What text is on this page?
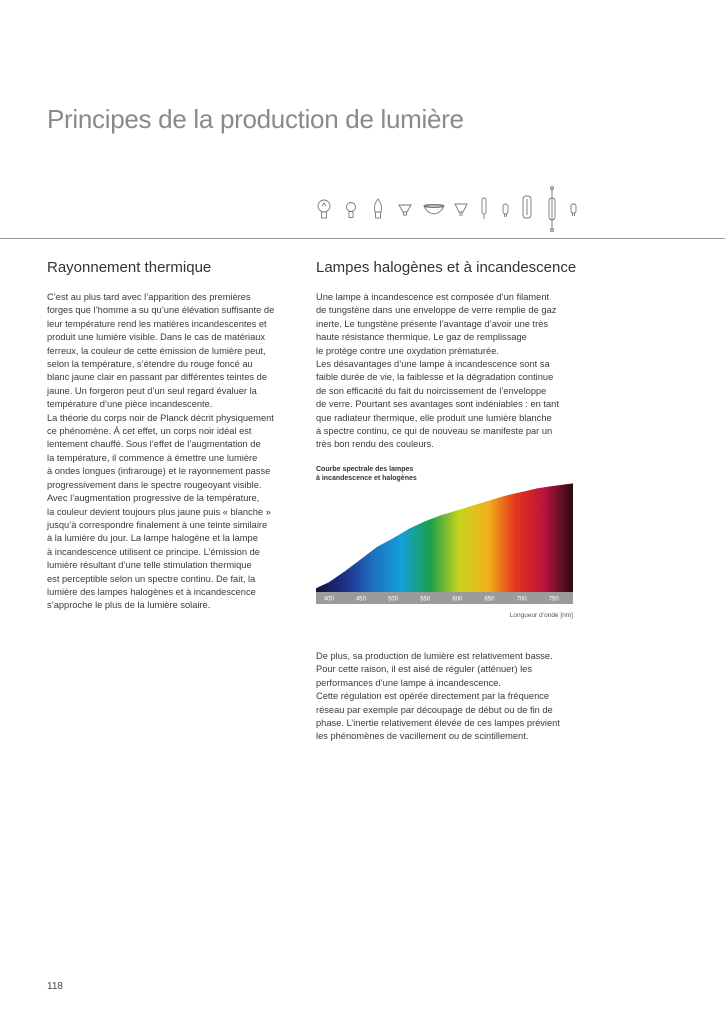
Principes de la production de lumière
Rayonnement thermique	Lampes halogènes et à incandescence

C’est au plus tard avec l’apparition des premières
forges que l’homme a su qu’une élévation suffisante de
leur température rend les matières incandescentes et
produit une lumière visible. Dans le cas de matériaux
ferreux, la couleur de cette émission de lumière peut,
selon la température, s’étendre du rouge foncé au
blanc jaune clair en passant par différentes teintes de
jaune. Un forgeron peut d’un seul regard évaluer la
température d’une pièce incandescente.
La théorie du corps noir de Planck décrit physiquement
ce phénomène. À cet effet, un corps noir idéal est
lentement chauffé. Sous l’effet de l’augmentation de
la température, il commence à émettre une lumière
à ondes longues (infrarouge) et le rayonnement passe
progressivement dans le spectre rougeoyant visible.
Avec l’augmentation progressive de la température,
la couleur devient toujours plus jaune puis « blanche »
jusqu’à correspondre finalement à une teinte similaire
à la lumière du jour. La lampe halogène et la lampe
à incandescence utilisent ce principe. L’émission de
lumière résultant d’une telle stimulation thermique
est perceptible selon un spectre continu. De fait, la
lumière des lampes halogènes et à incandescence
s’approche le plus de la lumière solaire.

Une lampe à incandescence est composée d’un filament
de tungstène dans une enveloppe de verre remplie de gaz
inerte. Le tungstène présente l’avantage d’avoir une très
haute résistance thermique. Le gaz de remplissage
le protège contre une oxydation prématurée.
Les désavantages d’une lampe à incandescence sont sa
faible durée de vie, la faiblesse et la dégradation continue
de son efficacité du fait du noircissement de l’enveloppe
de verre. Pourtant ses avantages sont indéniables : en tant
que radiateur thermique, elle produit une lumière blanche
à spectre continu, ce qui de nouveau se manifeste par un
très bon rendu des couleurs.

Courbe spectrale des lampes
à incandescence et halogènes
400	450	500	550	600	650	700	750
Longueur d’onde [nm]

De plus, sa production de lumière est relativement basse.
Pour cette raison, il est aisé de réguler (atténuer) les
performances d’une lampe à incandescence.
Cette régulation est opérée directement par la fréquence
réseau par exemple par découpage de début ou de fin de
phase. L’inertie relativement élevée de ces lampes prévient
les phénomènes de vacillement ou de scintillement.

118
